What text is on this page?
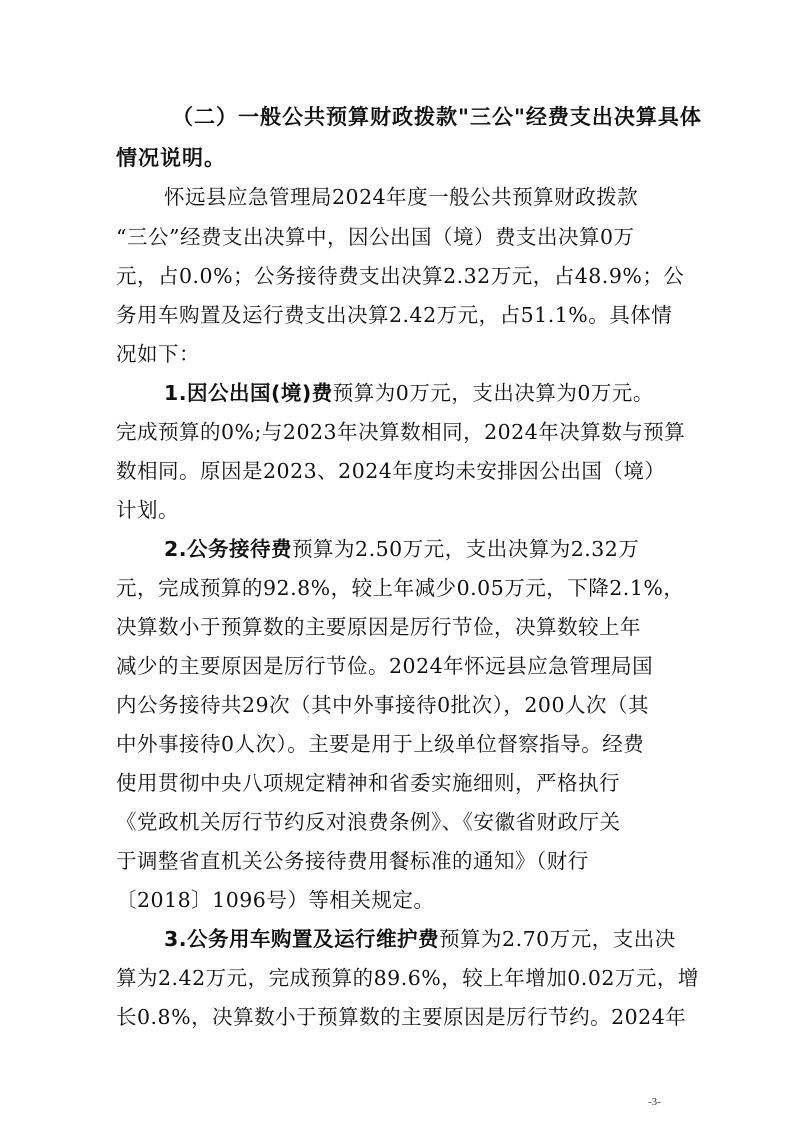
（二）一般公共预算财政拨款"三公"经费支出决算具体
情况说明。
怀远县应急管理局2024年度一般公共预算财政拨款
“三公”经费支出决算中，因公出国（境）费支出决算0万
元，占0.0%；公务接待费支出决算2.32万元，占48.9%；公
务用车购置及运行费支出决算2.42万元，占51.1%。具体情
况如下：
1.因公出国(境)费预算为0万元，支出决算为0万元。
完成预算的0%;与2023年决算数相同，2024年决算数与预算
数相同。原因是2023、2024年度均未安排因公出国（境）
计划。
2.公务接待费预算为2.50万元，支出决算为2.32万
元，完成预算的92.8%，较上年减少0.05万元，下降2.1%，
决算数小于预算数的主要原因是厉行节俭，决算数较上年
减少的主要原因是厉行节俭。2024年怀远县应急管理局国
内公务接待共29次（其中外事接待0批次），200人次（其
中外事接待0人次）。主要是用于上级单位督察指导。经费
使用贯彻中央八项规定精神和省委实施细则，严格执行
《党政机关厉行节约反对浪费条例》、《安徽省财政厅关
于调整省直机关公务接待费用餐标准的通知》（财行
〔2018〕1096号）等相关规定。
3.公务用车购置及运行维护费预算为2.70万元，支出决
算为2.42万元，完成预算的89.6%，较上年增加0.02万元，增
长0.8%，决算数小于预算数的主要原因是厉行节约。2024年
-3-
